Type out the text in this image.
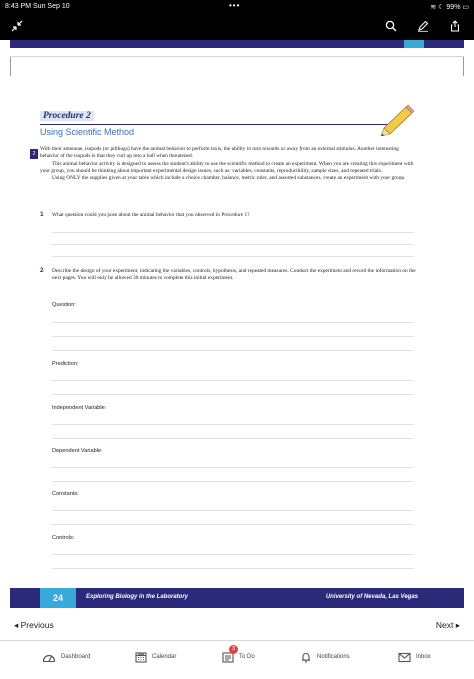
8:43 PM Sun Sep 10	•••	≋ ☾ 99% ▭
Procedure 2
Using Scientific Method
2

With their antennae, isopods (or pillbugs) have the animal behavior to perform taxis, the ability to turn towards or away from an external stimulus. Another interesting behavior of the isopods is that they curl up into a ball when threatened.

This animal behavior activity is designed to assess the student's ability to use the scientific method to create an experiment. When you are creating this experiment with your group, you should be thinking about important experimental design issues, such as: variables, constants, reproducibility, sample sizes, and repeated trials.

Using ONLY the supplies given at your table which include a choice chamber, balance, metric ruler, and assorted substances, create an experiment with your group.

1 What question could you pose about the animal behavior that you observed in Procedure 1?
2 Describe the design of your experiment, indicating the variables, controls, hypothesis, and repeated measures. Conduct the experiment and record the information on the next pages. You will only be allowed 30 minutes to complete this initial experiment.
Question:
Prediction:
Independent Variable:
Dependent Variable:
Constants:
Controls:
24	Exploring Biology in the Laboratory	University of Nevada, Las Vegas
◂ Previous	Next ▸
Dashboard	Calendar	To Do
3
Notifications	Inbox
